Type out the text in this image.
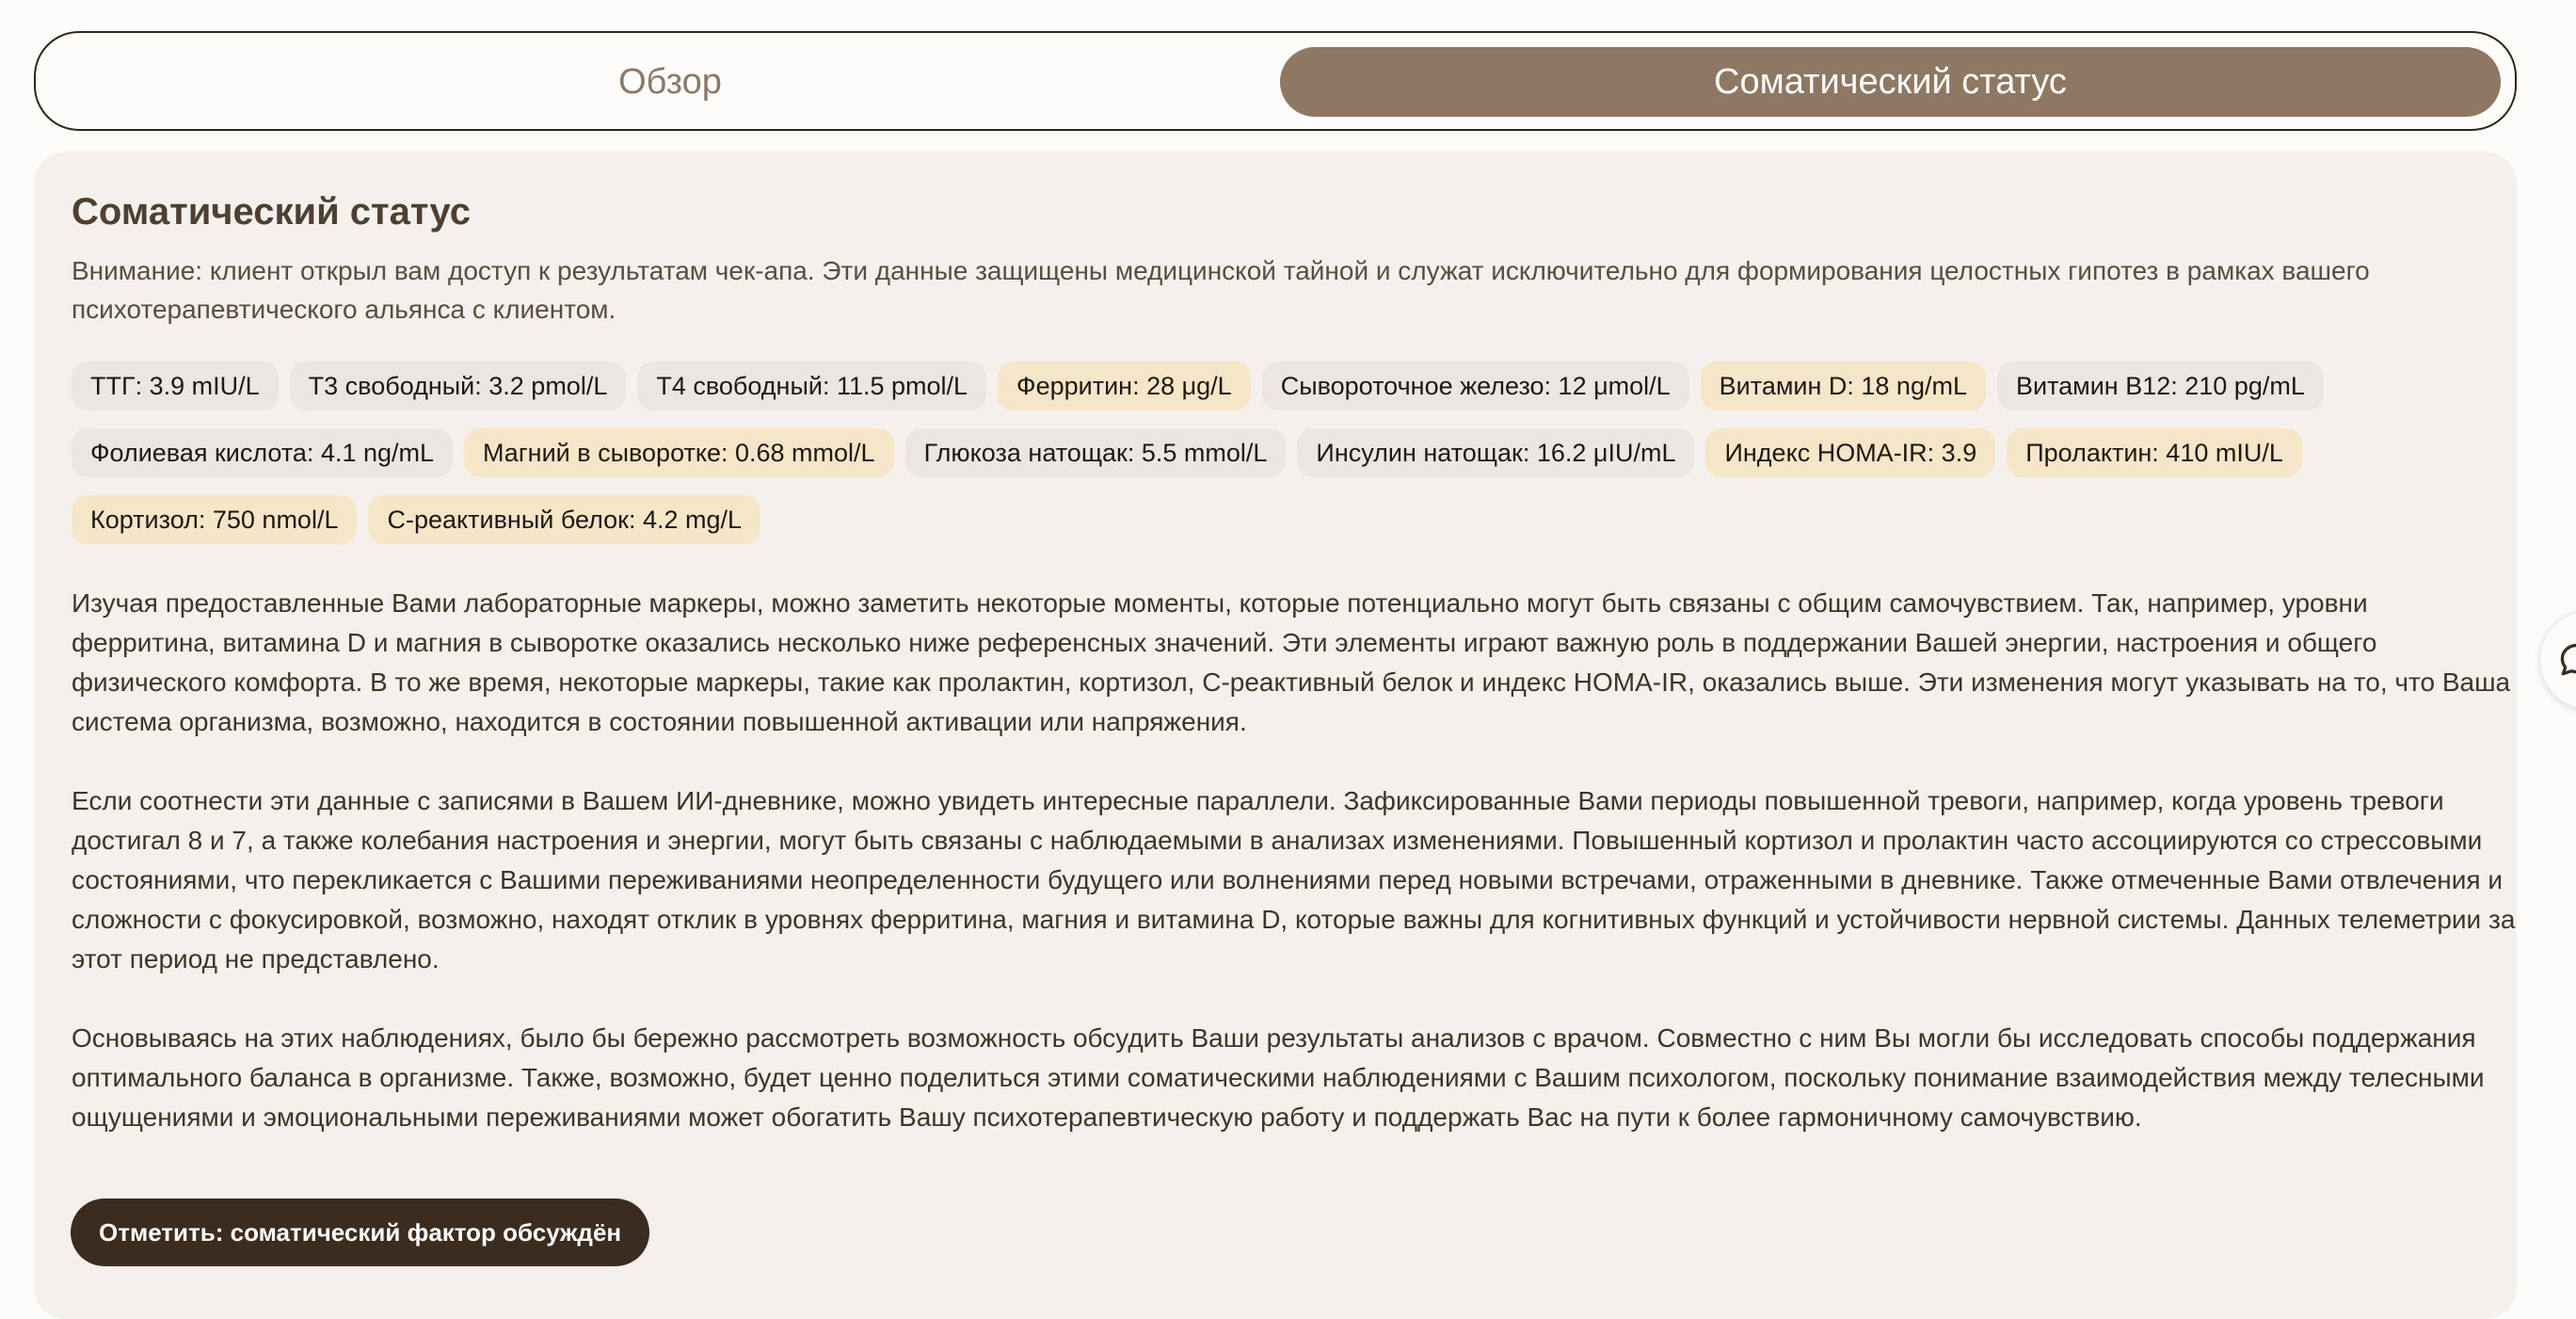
Обзор	Соматический статус
Соматический статус

Внимание: клиент открыл вам доступ к результатам чек-апа. Эти данные защищены медицинской тайной и служат исключительно для формирования целостных гипотез в рамках вашего психотерапевтического альянса с клиентом.

ТТГ: 3.9 mIU/L	T3 свободный: 3.2 pmol/L	T4 свободный: 11.5 pmol/L	Ферритин: 28 μg/L	Сывороточное железо: 12 μmol/L	Витамин D: 18 ng/mL	Витамин B12: 210 pg/mL
Фолиевая кислота: 4.1 ng/mL	Магний в сыворотке: 0.68 mmol/L	Глюкоза натощак: 5.5 mmol/L	Инсулин натощак: 16.2 μIU/mL	Индекс HOMA-IR: 3.9	Пролактин: 410 mIU/L
Кортизол: 750 nmol/L	С-реактивный белок: 4.2 mg/L

Изучая предоставленные Вами лабораторные маркеры, можно заметить некоторые моменты, которые потенциально могут быть связаны с общим самочувствием. Так, например, уровни ферритина, витамина D и магния в сыворотке оказались несколько ниже референсных значений. Эти элементы играют важную роль в поддержании Вашей энергии, настроения и общего физического комфорта. В то же время, некоторые маркеры, такие как пролактин, кортизол, С-реактивный белок и индекс HOMA-IR, оказались выше. Эти изменения могут указывать на то, что Ваша система организма, возможно, находится в состоянии повышенной активации или напряжения.

Если соотнести эти данные с записями в Вашем ИИ-дневнике, можно увидеть интересные параллели. Зафиксированные Вами периоды повышенной тревоги, например, когда уровень тревоги достигал 8 и 7, а также колебания настроения и энергии, могут быть связаны с наблюдаемыми в анализах изменениями. Повышенный кортизол и пролактин часто ассоциируются со стрессовыми состояниями, что перекликается с Вашими переживаниями неопределенности будущего или волнениями перед новыми встречами, отраженными в дневнике. Также отмеченные Вами отвлечения и сложности с фокусировкой, возможно, находят отклик в уровнях ферритина, магния и витамина D, которые важны для когнитивных функций и устойчивости нервной системы. Данных телеметрии за этот период не представлено.

Основываясь на этих наблюдениях, было бы бережно рассмотреть возможность обсудить Ваши результаты анализов с врачом. Совместно с ним Вы могли бы исследовать способы поддержания оптимального баланса в организме. Также, возможно, будет ценно поделиться этими соматическими наблюдениями с Вашим психологом, поскольку понимание взаимодействия между телесными ощущениями и эмоциональными переживаниями может обогатить Вашу психотерапевтическую работу и поддержать Вас на пути к более гармоничному самочувствию.

Отметить: соматический фактор обсуждён
